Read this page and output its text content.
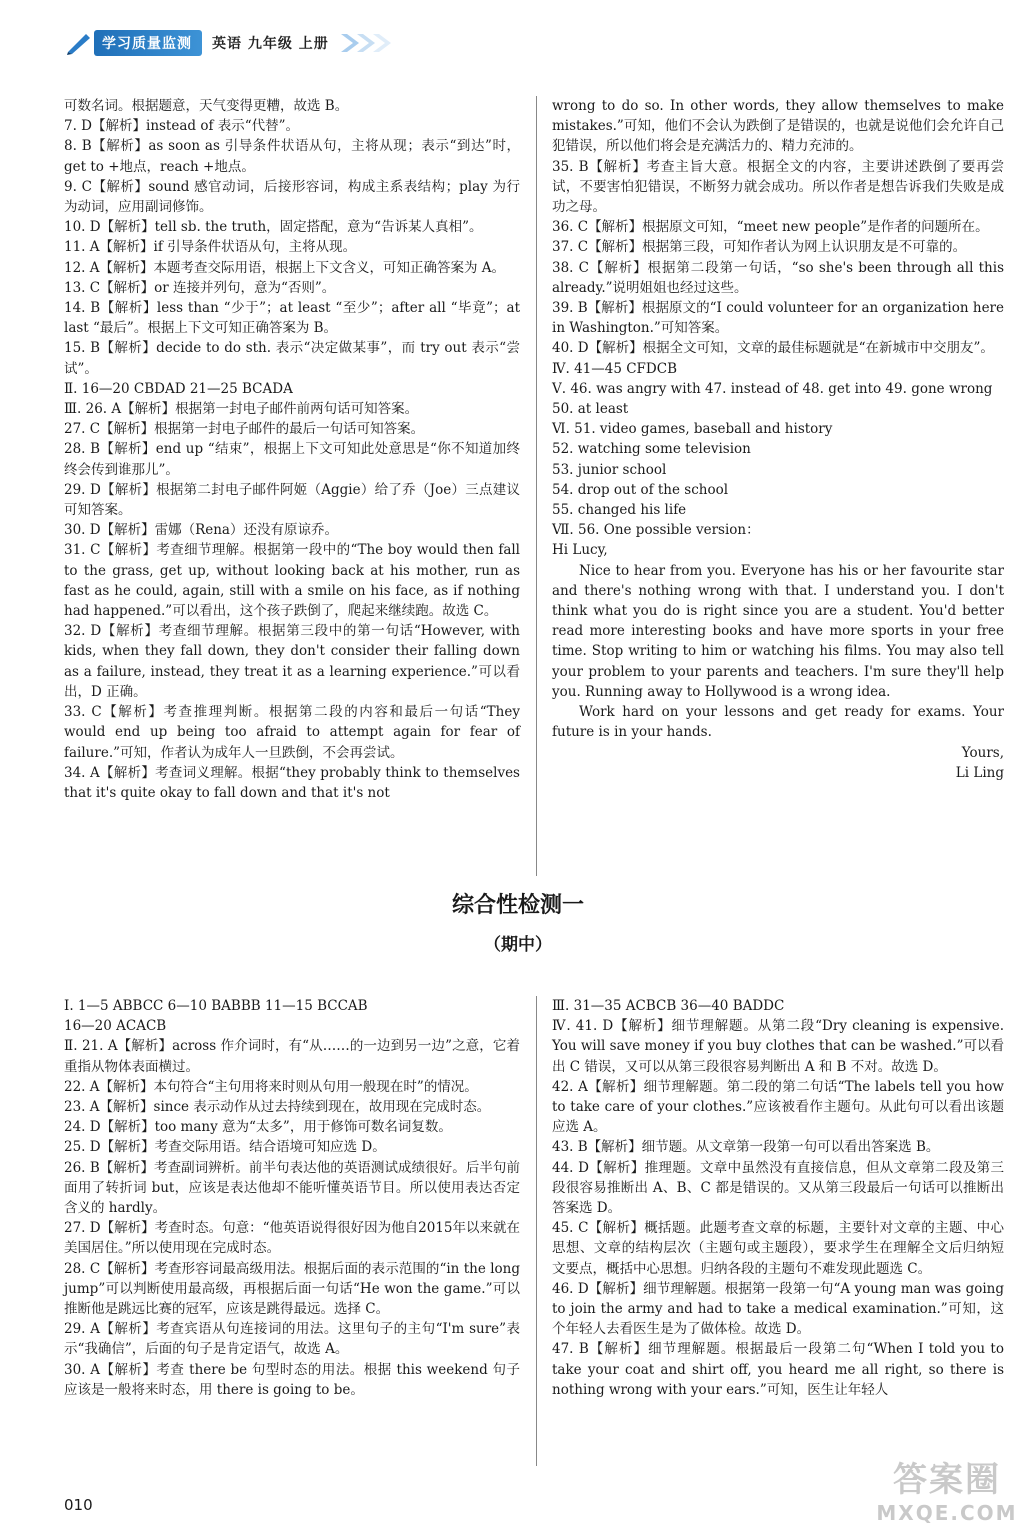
学习质量监测	英语 九年级 上册

可数名词。根据题意，天气变得更糟，故选 B。

7. D【解析】instead of 表示“代替”。

8. B【解析】as soon as 引导条件状语从句，主将从现；表示“到达”时，get to +地点，reach +地点。

9. C【解析】sound 感官动词，后接形容词，构成主系表结构；play 为行为动词，应用副词修饰。

10. D【解析】tell sb. the truth，固定搭配，意为“告诉某人真相”。

11. A【解析】if 引导条件状语从句，主将从现。

12. A【解析】本题考查交际用语，根据上下文含义，可知正确答案为 A。

13. C【解析】or 连接并列句，意为“否则”。

14. B【解析】less than “少于”；at least “至少”；after all “毕竟”；at last “最后”。根据上下文可知正确答案为 B。

15. B【解析】decide to do sth. 表示“决定做某事”，而 try out 表示“尝试”。

Ⅱ. 16—20 CBDAD 21—25 BCADA

Ⅲ. 26. A【解析】根据第一封电子邮件前两句话可知答案。

27. C【解析】根据第一封电子邮件的最后一句话可知答案。

28. B【解析】end up “结束”，根据上下文可知此处意思是“你不知道加终终会传到谁那儿”。

29. D【解析】根据第二封电子邮件阿姬（Aggie）给了乔（Joe）三点建议可知答案。

30. D【解析】雷娜（Rena）还没有原谅乔。

31. C【解析】考查细节理解。根据第一段中的“The boy would then fall to the grass, get up, without looking back at his mother, run as fast as he could, again, still with a smile on his face, as if nothing had happened.”可以看出，这个孩子跌倒了，爬起来继续跑。故选 C。

32. D【解析】考查细节理解。根据第三段中的第一句话“However, with kids, when they fall down, they don't consider their falling down as a failure, instead, they treat it as a learning experience.”可以看出，D 正确。

33. C【解析】考查推理判断。根据第二段的内容和最后一句话“They would end up being too afraid to attempt again for fear of failure.”可知，作者认为成年人一旦跌倒，不会再尝试。

34. A【解析】考查词义理解。根据“they probably think to themselves that it's quite okay to fall down and that it's not

wrong to do so. In other words, they allow themselves to make mistakes.”可知，他们不会认为跌倒了是错误的，也就是说他们会允许自己犯错误，所以他们将会是充满活力的、精力充沛的。

35. B【解析】考查主旨大意。根据全文的内容，主要讲述跌倒了要再尝试，不要害怕犯错误，不断努力就会成功。所以作者是想告诉我们失败是成功之母。

36. C【解析】根据原文可知，“meet new people”是作者的问题所在。

37. C【解析】根据第三段，可知作者认为网上认识朋友是不可靠的。

38. C【解析】根据第二段第一句话，“so she's been through all this already.”说明姐姐也经过这些。

39. B【解析】根据原文的“I could volunteer for an organization here in Washington.”可知答案。

40. D【解析】根据全文可知，文章的最佳标题就是“在新城市中交朋友”。

Ⅳ. 41—45 CFDCB

Ⅴ. 46. was angry with 47. instead of 48. get into 49. gone wrong

50. at least

Ⅵ. 51. video games, baseball and history

52. watching some television

53. junior school

54. drop out of the school

55. changed his life

Ⅶ. 56. One possible version：

Hi Lucy,

Nice to hear from you. Everyone has his or her favourite star and there's nothing wrong with that. I understand you. I don't think what you do is right since you are a student. You'd better read more interesting books and have more sports in your free time. Stop writing to him or watching his films. You may also tell your problem to your parents and teachers. I'm sure they'll help you. Running away to Hollywood is a wrong idea.

Work hard on your lessons and get ready for exams. Your future is in your hands.

Yours,

Li Ling

综合性检测一
（期中）

Ⅰ. 1—5 ABBCC 6—10 BABBB 11—15 BCCAB

16—20 ACACB

Ⅱ. 21. A【解析】across 作介词时，有“从……的一边到另一边”之意，它着重指从物体表面横过。

22. A【解析】本句符合“主句用将来时则从句用一般现在时”的情况。

23. A【解析】since 表示动作从过去持续到现在，故用现在完成时态。

24. D【解析】too many 意为“太多”，用于修饰可数名词复数。

25. D【解析】考查交际用语。结合语境可知应选 D。

26. B【解析】考查副词辨析。前半句表达他的英语测试成绩很好。后半句前面用了转折词 but，应该是表达他却不能听懂英语节目。所以使用表达否定含义的 hardly。

27. D【解析】考查时态。句意：“他英语说得很好因为他自2015年以来就在美国居住。”所以使用现在完成时态。

28. C【解析】考查形容词最高级用法。根据后面的表示范围的“in the long jump”可以判断使用最高级，再根据后面一句话“He won the game.”可以推断他是跳远比赛的冠军，应该是跳得最远。选择 C。

29. A【解析】考查宾语从句连接词的用法。这里句子的主句“I'm sure”表示“我确信”，后面的句子是肯定语气，故选 A。

30. A【解析】考查 there be 句型时态的用法。根据 this weekend 句子应该是一般将来时态，用 there is going to be。

Ⅲ. 31—35 ACBCB 36—40 BADDC

Ⅳ. 41. D【解析】细节理解题。从第二段“Dry cleaning is expensive. You will save money if you buy clothes that can be washed.”可以看出 C 错误，又可以从第三段很容易判断出 A 和 B 不对。故选 D。

42. A【解析】细节理解题。第二段的第二句话“The labels tell you how to take care of your clothes.”应该被看作主题句。从此句可以看出该题应选 A。

43. B【解析】细节题。从文章第一段第一句可以看出答案选 B。

44. D【解析】推理题。文章中虽然没有直接信息，但从文章第二段及第三段很容易推断出 A、B、C 都是错误的。又从第三段最后一句话可以推断出答案选 D。

45. C【解析】概括题。此题考查文章的标题，主要针对文章的主题、中心思想、文章的结构层次（主题句或主题段），要求学生在理解全文后归纳短文要点，概括中心思想。归纳各段的主题句不难发现此题选 C。

46. D【解析】细节理解题。根据第一段第一句“A young man was going to join the army and had to take a medical examination.”可知，这个年轻人去看医生是为了做体检。故选 D。

47. B【解析】细节理解题。根据最后一段第二句“When I told you to take your coat and shirt off, you heard me all right, so there is nothing wrong with your ears.”可知，医生让年轻人

010
答案圈
MXQE.COM
